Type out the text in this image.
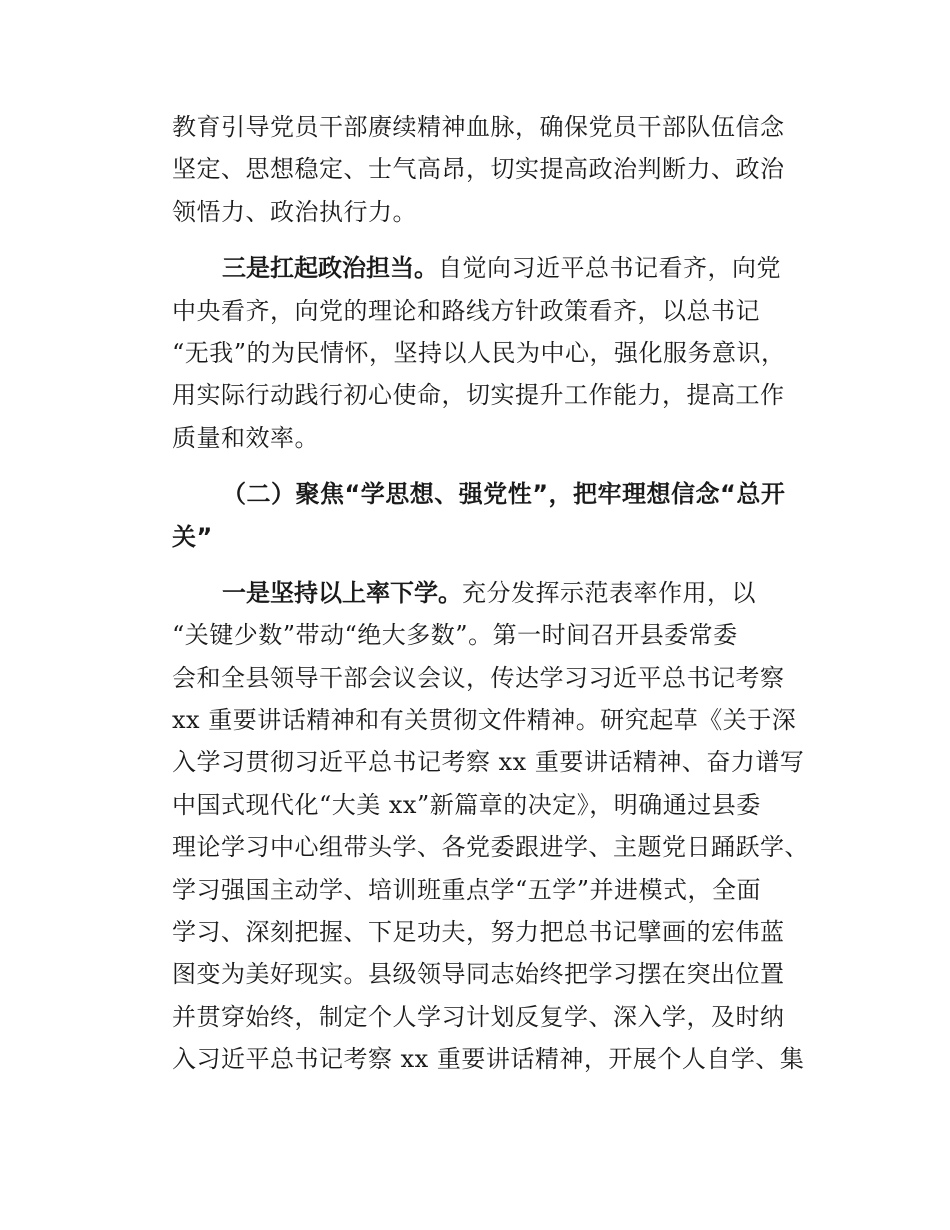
教育引导党员干部赓续精神血脉，确保党员干部队伍信念
坚定、思想稳定、士气高昂，切实提高政治判断力、政治
领悟力、政治执行力。
三是扛起政治担当。自觉向习近平总书记看齐，向党
中央看齐，向党的理论和路线方针政策看齐，以总书记
“无我”的为民情怀，坚持以人民为中心，强化服务意识，
用实际行动践行初心使命，切实提升工作能力，提高工作
质量和效率。
（二）聚焦“学思想、强党性”，把牢理想信念“总开
关”
一是坚持以上率下学。充分发挥示范表率作用，以
“关键少数”带动“绝大多数”。第一时间召开县委常委
会和全县领导干部会议会议，传达学习习近平总书记考察
xx 重要讲话精神和有关贯彻文件精神。研究起草《关于深
入学习贯彻习近平总书记考察 xx 重要讲话精神、奋力谱写
中国式现代化“大美 xx”新篇章的决定》，明确通过县委
理论学习中心组带头学、各党委跟进学、主题党日踊跃学、
学习强国主动学、培训班重点学“五学”并进模式，全面
学习、深刻把握、下足功夫，努力把总书记擘画的宏伟蓝
图变为美好现实。县级领导同志始终把学习摆在突出位置
并贯穿始终，制定个人学习计划反复学、深入学，及时纳
入习近平总书记考察 xx 重要讲话精神，开展个人自学、集
